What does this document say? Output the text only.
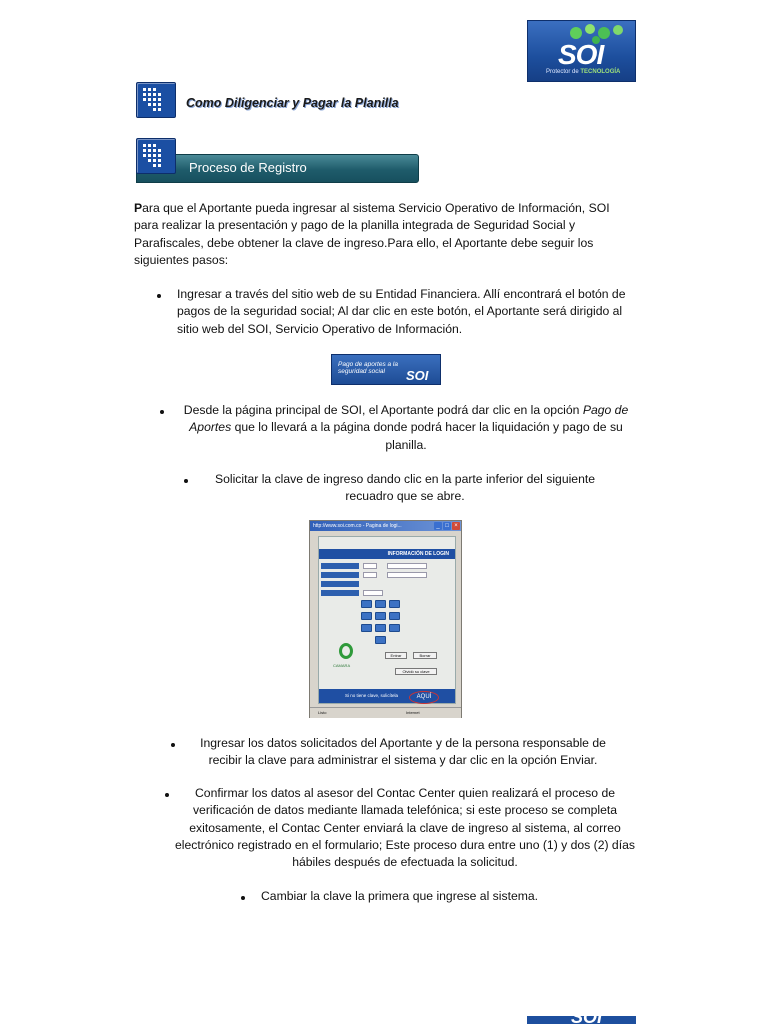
SOI
Protector de TECNOLOGÍA
Como Diligenciar y Pagar la Planilla
Proceso de Registro
Para que el Aportante pueda ingresar al sistema Servicio Operativo de Información, SOI para realizar la presentación y pago de la planilla integrada de Seguridad Social y Parafiscales, debe obtener la clave de ingreso.Para ello, el Aportante debe seguir los siguientes pasos:
Ingresar a través del sitio web de su Entidad Financiera. Allí encontrará el botón de pagos de la seguridad social; Al dar clic en este botón, el Aportante será dirigido al sitio web del SOI, Servicio Operativo de Información.
Pago de aportes a la seguridad social	SOI
Desde la página principal de SOI, el Aportante podrá dar clic en la opción Pago de Aportes que lo llevará a la página donde podrá hacer la liquidación y pago de su planilla.
Solicitar la clave de ingreso dando clic en la parte inferior del siguiente recuadro que se abre.
http://www.soi.com.co - Pagina de logi...	_ □ ×
INFORMACIÓN DE LOGIN
CAMARA
Entrar	Borrar
Olvidó su clave
Si no tiene clave, solicítela	AQUÍ
Listo	Internet
Ingresar los datos solicitados del Aportante y de la persona responsable de recibir la clave para administrar el sistema y dar clic en la opción Enviar.
Confirmar los datos al asesor del Contac Center quien realizará el proceso de verificación de datos mediante llamada telefónica; si este proceso se completa exitosamente, el Contac Center enviará la clave de ingreso al sistema, al correo electrónico registrado en el formulario; Este proceso dura entre uno (1) y dos (2) días hábiles después de efectuada la solicitud.
Cambiar la clave la primera que ingrese al sistema.
SOI
